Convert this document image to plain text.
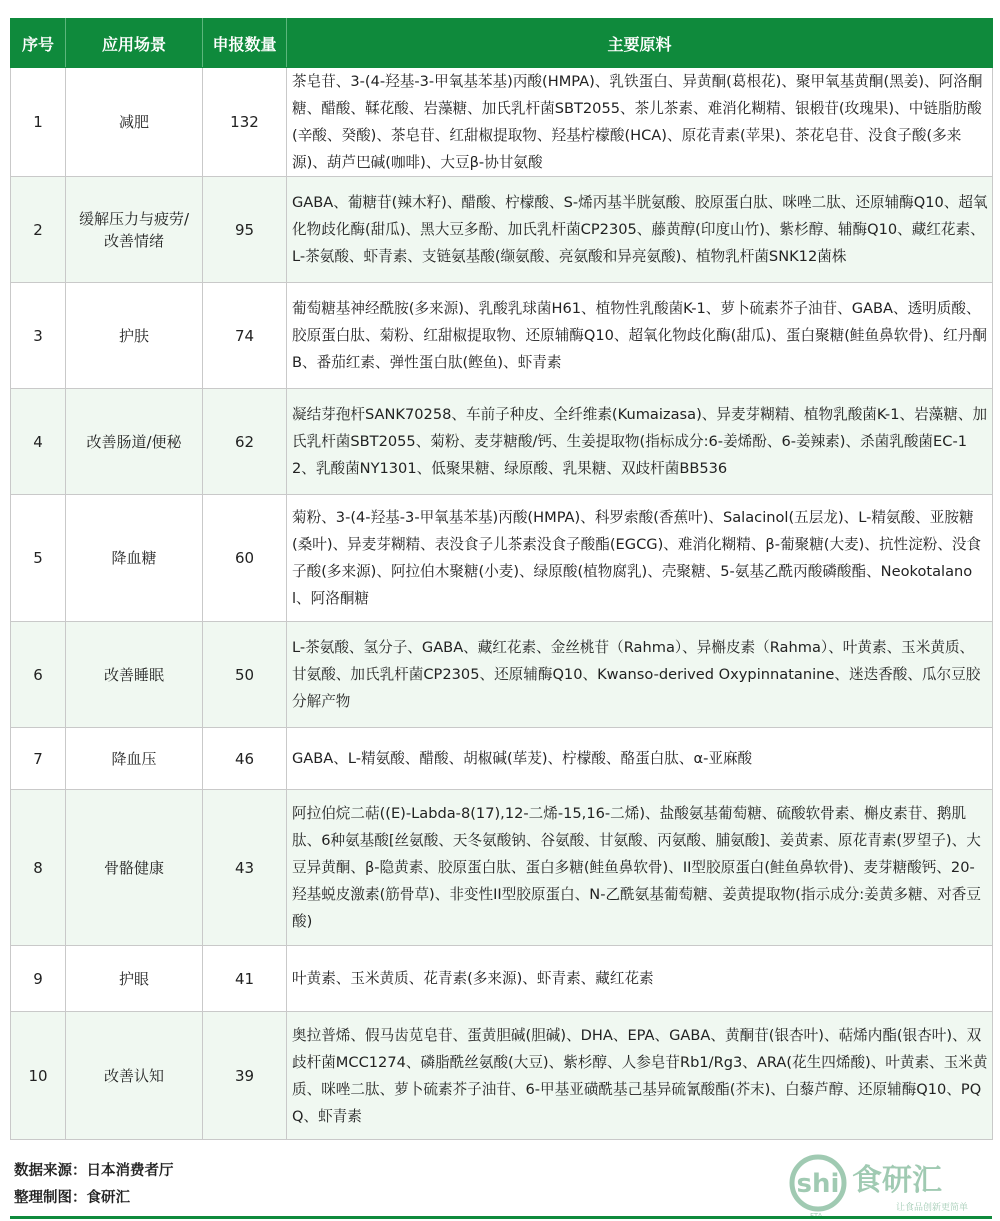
序号	应用场景	申报数量	主要原料
1	减肥	132	茶皂苷、3-(4-羟基-3-甲氧基苯基)丙酸(HMPA)、乳铁蛋白、异黄酮(葛根花)、聚甲氧基黄酮(黑姜)、阿洛酮糖、醋酸、鞣花酸、岩藻糖、加氏乳杆菌SBT2055、茶儿茶素、难消化糊精、银椴苷(玫瑰果)、中链脂肪酸(辛酸、癸酸)、茶皂苷、红甜椒提取物、羟基柠檬酸(HCA)、原花青素(苹果)、茶花皂苷、没食子酸(多来源)、葫芦巴碱(咖啡)、大豆β-协甘氨酸
2	缓解压力与疲劳/改善情绪	95	GABA、葡糖苷(辣木籽)、醋酸、柠檬酸、S-烯丙基半胱氨酸、胶原蛋白肽、咪唑二肽、还原辅酶Q10、超氧化物歧化酶(甜瓜)、黑大豆多酚、加氏乳杆菌CP2305、藤黄醇(印度山竹)、紫杉醇、辅酶Q10、藏红花素、L-茶氨酸、虾青素、支链氨基酸(缬氨酸、亮氨酸和异亮氨酸)、植物乳杆菌SNK12菌株
3	护肤	74	葡萄糖基神经酰胺(多来源)、乳酸乳球菌H61、植物性乳酸菌K-1、萝卜硫素芥子油苷、GABA、透明质酸、胶原蛋白肽、菊粉、红甜椒提取物、还原辅酶Q10、超氧化物歧化酶(甜瓜)、蛋白聚糖(鲑鱼鼻软骨)、红丹酮B、番茄红素、弹性蛋白肽(鲣鱼)、虾青素
4	改善肠道/便秘	62	凝结芽孢杆SANK70258、车前子种皮、全纤维素(Kumaizasa)、异麦芽糊精、植物乳酸菌K-1、岩藻糖、加氏乳杆菌SBT2055、菊粉、麦芽糖酸/钙、生姜提取物(指标成分:6-姜烯酚、6-姜辣素)、杀菌乳酸菌EC-12、乳酸菌NY1301、低聚果糖、绿原酸、乳果糖、双歧杆菌BB536
5	降血糖	60	菊粉、3-(4-羟基-3-甲氧基苯基)丙酸(HMPA)、科罗索酸(香蕉叶)、Salacinol(五层龙)、L-精氨酸、亚胺糖(桑叶)、异麦芽糊精、表没食子儿茶素没食子酸酯(EGCG)、难消化糊精、β-葡聚糖(大麦)、抗性淀粉、没食子酸(多来源)、阿拉伯木聚糖(小麦)、绿原酸(植物腐乳)、壳聚糖、5-氨基乙酰丙酸磷酸酯、Neokotalanol、阿洛酮糖
6	改善睡眠	50	L-茶氨酸、氢分子、GABA、藏红花素、金丝桃苷（Rahma）、异槲皮素（Rahma）、叶黄素、玉米黄质、甘氨酸、加氏乳杆菌CP2305、还原辅酶Q10、Kwanso-derived Oxypinnatanine、迷迭香酸、瓜尔豆胶分解产物
7	降血压	46	GABA、L-精氨酸、醋酸、胡椒碱(荜茇)、柠檬酸、酪蛋白肽、α-亚麻酸
8	骨骼健康	43	阿拉伯烷二萜((E)-Labda-8(17),12-二烯-15,16-二烯)、盐酸氨基葡萄糖、硫酸软骨素、槲皮素苷、鹅肌肽、6种氨基酸[丝氨酸、天冬氨酸钠、谷氨酸、甘氨酸、丙氨酸、脯氨酸]、姜黄素、原花青素(罗望子)、大豆异黄酮、β-隐黄素、胶原蛋白肽、蛋白多糖(鲑鱼鼻软骨)、II型胶原蛋白(鲑鱼鼻软骨)、麦芽糖酸钙、20-羟基蜕皮激素(筋骨草)、非变性II型胶原蛋白、N-乙酰氨基葡萄糖、姜黄提取物(指示成分:姜黄多糖、对香豆酸)
9	护眼	41	叶黄素、玉米黄质、花青素(多来源)、虾青素、藏红花素
10	改善认知	39	奥拉普烯、假马齿苋皂苷、蛋黄胆碱(胆碱)、DHA、EPA、GABA、黄酮苷(银杏叶)、萜烯内酯(银杏叶)、双歧杆菌MCC1274、磷脂酰丝氨酸(大豆)、紫杉醇、人参皂苷Rb1/Rg3、ARA(花生四烯酸)、叶黄素、玉米黄质、咪唑二肽、萝卜硫素芥子油苷、6-甲基亚磺酰基己基异硫氰酸酯(芥末)、白藜芦醇、还原辅酶Q10、PQQ、虾青素
数据来源：日本消费者厅
整理制图：食研汇	shi 食研汇
让食品创新更简单
